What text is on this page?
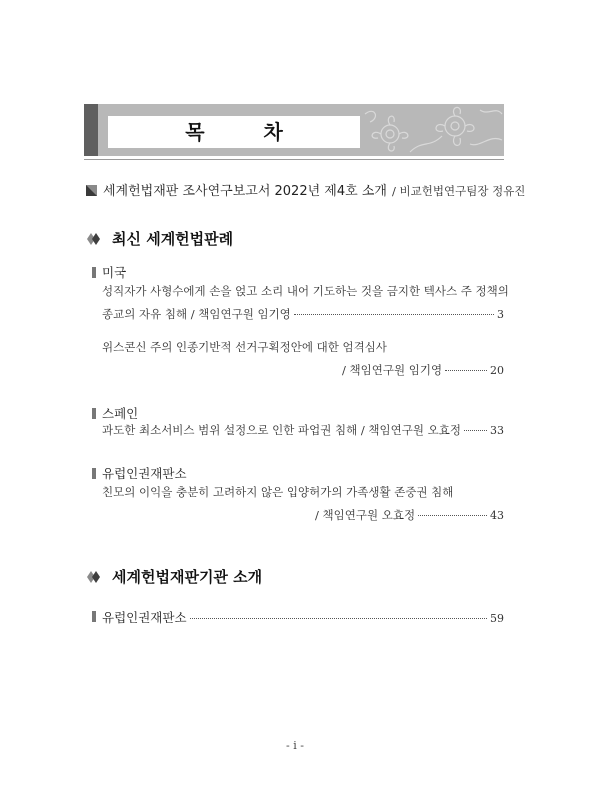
목 차
세계헌법재판 조사연구보고서 2022년 제4호 소개 / 비교헌법연구팀장 정유진
최신 세계헌법판례
미국
성직자가 사형수에게 손을 얹고 소리 내어 기도하는 것을 금지한 텍사스 주 정책의
종교의 자유 침해 / 책임연구원 임기영	3
위스콘신 주의 인종기반적 선거구획정안에 대한 엄격심사
/ 책임연구원 임기영	20
스페인
과도한 최소서비스 범위 설정으로 인한 파업권 침해 / 책임연구원 오효정	33
유럽인권재판소
친모의 이익을 충분히 고려하지 않은 입양허가의 가족생활 존중권 침해
/ 책임연구원 오효정	43
세계헌법재판기관 소개
유럽인권재판소	59
- i -
